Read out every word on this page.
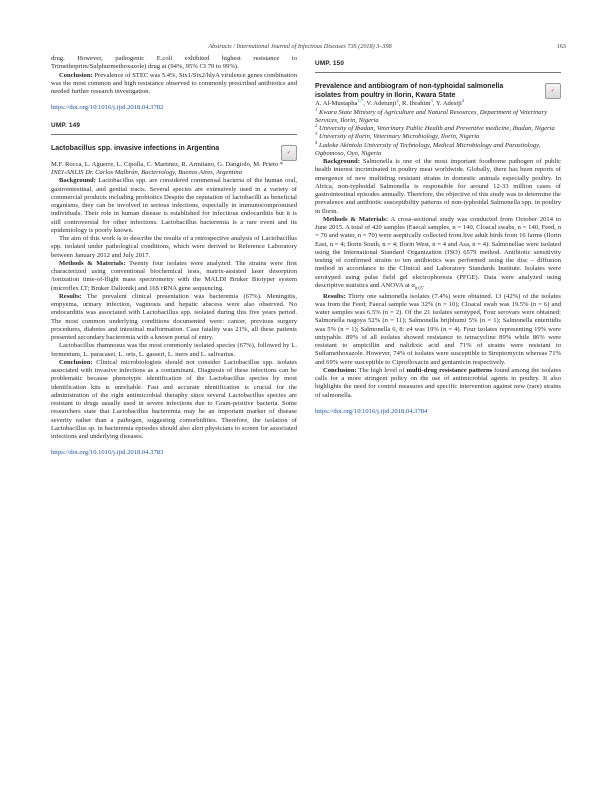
Abstracts / International Journal of Infectious Diseases 73S (2018) 3–398	163

drug. However, pathogenic E.coli exhibited highest resistance to Trimethoprim/Sulphurmethoxazole) drug at (94%, 95% CI 70 to 99%).

Conclusion: Prevalence of STEC was 5.4%, Stx1/Stx2/hlyA virulence genes combination was the most common and high resistance observed to commonly prescribed antibiotics and needed further research investigation.

https://doi.org/10.1016/j.ijid.2018.04.3782
UMP. 149
Lactobacillus spp. invasive infections in Argentina
✓

M.F. Rocca, L. Aguerre, L. Cipolla, C. Martinez, R. Armitano, G. Dangiolo, M. Prieto *

INEI-ANLIS Dr. Carlos Malbrán, Bacteriology, Buenos Aires, Argentina

Background: Lactobacillus spp. are considered commensal bacteria of the human oral, gastrointestinal, and genital tracts. Several species are extensively used in a variety of commercial products including probiotics Despite the reputation of lactobacilli as beneficial organisms, they can be involved in serious infections, especially in immunocompromised individuals. Their role in human disease is established for infectious endocarditis but it is still controversial for other infections. Lactobacillus bacteremia is a rare event and its epidemiology is poorly known.

The aim of this work is to describe the results of a retrospective analysis of Lactobacillus spp. isolated under pathological conditions, which were derived to Reference Laboratory between January 2012 and July 2017.

Methods & Materials: Twenty four isolates were analyzed. The strains were first characterized using conventional biochemical tests, matrix-assisted laser desorption /ionization time-of-flight mass spectrometry with the MALDI Bruker Biotyper system (microflex LT; Bruker Daltonik) and 16S rRNA gene sequencing.

Results: The prevalent clinical presentation was bacteremia (67%). Meningitis, empyema, urinary infection, vaginosis and hepatic abscess were also observed. No endocarditis was associated with Lactobacillus spp. isolated during this five years period. The most common underlying conditions documented were: cancer, previous surgery procedures, diabetes and intestinal malformation. Case fatality was 21%, all these patients presented secondary bacteremia with a known portal of entry.

Lactobacillus rhamnosus was the most commonly isolated species (67%), followed by L. fermentum, L. paracasei, L. oris, L. gasseri, L. iners and L. salivarius.

Conclusion: Clinical microbiologists should not consider Lactobacillus spp. isolates associated with invasive infections as a contaminant. Diagnosis of these infections can be problematic because phenotypic identification of the Lactobacillus species by most identification kits is unreliable. Fast and accurate identification is crucial for the administration of the right antimicrobial theraphy since several Lactobacillus species are resistant to drugs usually used in severe infections due to Gram-positive bacteria. Some researchers state that Lactobacillus bacteremia may be an important marker of disease severity rather than a pathogen, suggesting comorbidities. Therefore, the isolation of Lactobacillus sp. in bacteremia episodes should also alert physicians to screen for associated infections and underlying diseases.

https://doi.org/10.1016/j.ijid.2018.04.3783
UMP. 150
Prevalence and antibiogram of non-typhoidal salmonella isolates from poultry in Ilorin, Kwara State
✓

A. Al-Mustapha$^{1,*}$, V. Adetunji$^2$, R. Ibrahim$^3$, Y. Adesiji$^4$

$^1$ Kwara State Ministry of Agriculture and Natural Resources, Department of Veterinary Services, Ilorin, Nigeria

$^2$ University of Ibadan, Veterinary Public Health and Preventive medicine, Ibadan, Nigeria

$^3$ University of Ilorin, Veterinary Microbiology, Ilorin, Nigeria

$^4$ Ladoke Akintola University of Technology, Medical Microbiology and Parasitology, Ogbomoso, Oyo, Nigeria

Background: Salmonella is one of the most important foodborne pathogen of public health interest incriminated in poultry meat worldwide. Globally, there has been reports of emergence of new multidrug resistant strains in domestic animals especially poultry. In Africa, non-typhoidal Salmonella is responsible for around 12-33 million cases of gastrointestinal episodes annually. Therefore, the objective of this study was to determine the prevalence and antibiotic susceptibility patterns of non-typhoidal Salmonella spp. in poultry in Ilorin.

Methods & Materials: A cross-sectional study was conducted from October 2014 to June 2015. A total of 420 samples (Faecal samples, n = 140, Cloacal swabs, n = 140, Feed, n = 70 and water, n = 70) were aseptically collected from live adult birds from 16 farms (Ilorin East, n = 4; Ilorin South, n = 4; Ilorin West, n = 4 and Asa, n = 4). Salmonellae were isolated using the International Standard Organization (ISO) 6579 method. Antibiotic sensitivity testing of confirmed strains to ten antibiotics was performed using the disc – diffusion method in accordance to the Clinical and Laboratory Standards Institute. Isolates were serotyped using pulse field gel electrophoresis (PFGE). Data were analyzed using descriptive statistics and ANOVA at $\alpha_{0.05}$.

Results: Thirty one salmonella isolates (7.4%) were obtained. 13 (42%) of the isolates was from the Feed; Faecal sample was 32% (n = 10); Cloacal swab was 19.5% (n = 6) and water samples was 6.5% (n = 2). Of the 21 isolates serotyped, Four serovars were obtained: Salmonella nagoya 52% (n = 11); Salmonella brijbhumi 5% (n = 1); Salmonella enteritidis was 5% (n = 1); Salmonella 6, 8: z4 was 19% (n = 4). Four isolates representing 19% were untypable. 89% of all isolates showed resistance to tetracycline 89% while 86% were resistant to ampicillin and nalidixic acid and 71% of strains were resistant to Sulfamethoxazole. However, 74% of isolates were susceptible to Streptomycin whereas 71% and 69% were susceptible to Ciprofloxacin and gentamicin respectively.

Conclusion: The high level of multi-drug resistance patterns found among the isolates calls for a more stringent policy on the use of antimicrobial agents in poultry. It also highlights the need for control measures and specific intervention against new (rare) strains of salmonella.

https://doi.org/10.1016/j.ijid.2018.04.3784
